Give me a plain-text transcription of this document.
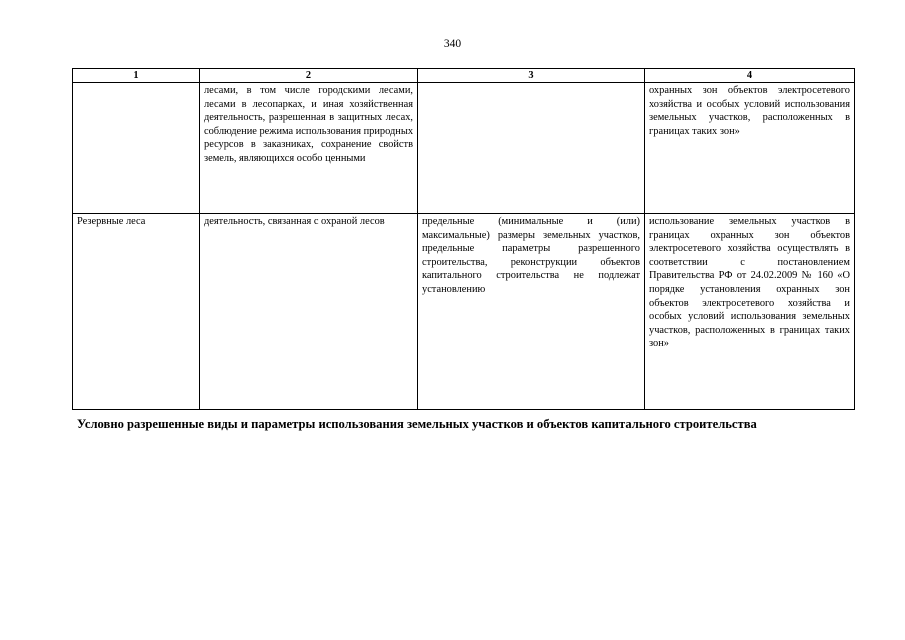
340
1	2	3	4
	лесами, в том числе городскими лесами, лесами в лесопарках, и иная хозяйственная деятельность, разрешенная в защитных лесах, соблюдение режима использования природных ресурсов в заказниках, сохранение свойств земель, являющихся особо ценными		охранных зон объектов электросетевого хозяйства и особых условий использования земельных участков, расположенных в границах таких зон»
Резервные леса	деятельность, связанная с охраной лесов	предельные (минимальные и (или) максимальные) размеры земельных участков, предельные параметры разрешенного строительства, реконструкции объектов капитального строительства не подлежат установлению	использование земельных участков в границах охранных зон объектов электросетевого хозяйства осуществлять в соответствии с постановлением Правительства РФ от 24.02.2009 № 160 «О порядке установления охранных зон объектов электросетевого хозяйства и особых условий использования земельных участков, расположенных в границах таких зон»
Условно разрешенные виды и параметры использования земельных участков и объектов капитального строительства
